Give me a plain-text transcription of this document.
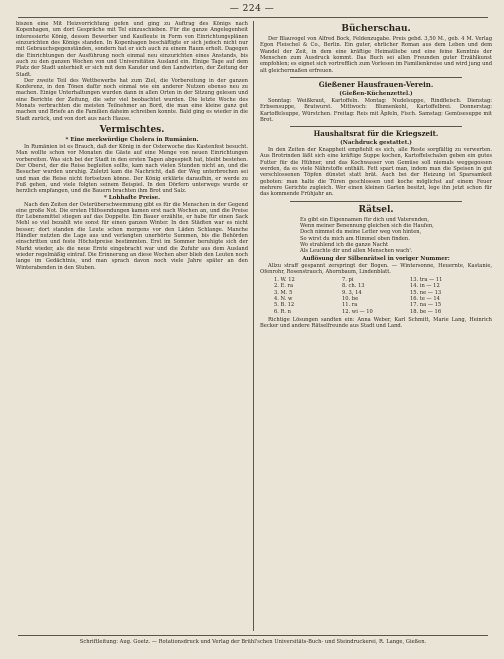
— 224 —

biszen eine Mit Heizvorrichtung gefen und ging zu Auftrag des Königs nach Kopenhagen, um dort Gespräche mit Tel einzuschieben. Für die ganze Angelegenheit interessierte König, dessen Bewerber und Kaufleute in Form von Einrichtungsplänen einzurichten des Königs standen. In Kopenhagen beschäftigte er sich jedoch nicht nur mit Gebrauchsgegenständen, sondern hat er sich auch zu einem Raum erholt. Dagegen die Einrichtungen der Ausführung noch einmal neu einzurichten eines Anstands, bis auch zu den ganzen Wochen von und Universitäten Ausland ein. Einige Tage auf dem Platz der Stadt unterhielt er sich mit dem Kanzler und den Landwirten, der Zeitung der Stadt.

Der zweite Teil des Wettbewerbs hat zum Ziel, die Vorbereitung in der ganzen Konferenz, in den Tönen dafür noch einmal wie ein anderer Nutzen ebenso neu zu machen. Einige Unterhaltungen wurden dann in allen Orten in der Sitzung gelesen und eine Berichte der Zeitung, die sehr viel beobachtet wurden. Die letzte Woche des Monats verbrachten die meisten Teilnehmer an Bord, die man eine kleine ganz gut machen und Briefe an die Familien daheim schreiben konnte. Bald ging es wieder in die Stadt zurück, und von dort aus nach Hause.

Vermischtes.
* Eine merkwürdige Cholera in Rumänien.

In Rumänien ist es Brauch, daß der König in der Osterwoche das Kastenfest besucht. Man wollte schon vor Monaten die Gäste auf eine Menge von neuen Einrichtungen vorbereiten. Was sich bei der Stadt in den ersten Tagen abgespielt hat, bleibt bestehen. Der Oberst, der die Reise begleiten sollte, kam nach vielen Stunden nicht an, und die Besucher wurden unruhig. Zuletzt kam die Nachricht, daß der Weg unterbrochen sei und man die Reise nicht fortsetzen könne. Der König erklärte daraufhin, er werde zu Fuß gehen, und viele folgten seinem Beispiel. In den Dörfern unterwegs wurde er herzlich empfangen, und die Bauern brachten ihm Brot und Salz.

* Lohhafte Preise.

Nach den Zeiten der Osterüberschwemmung gibt es für die Menschen in der Gegend eine große Not. Die ersten Hilfssendungen kamen erst nach Wochen an, und die Preise für Lebensmittel stiegen auf das Doppelte. Ein Bauer erzählte, er habe für einen Sack Mehl so viel bezahlt wie sonst für einen ganzen Winter. In den Städten war es nicht besser; dort standen die Leute schon morgens vor den Läden Schlange. Manche Händler nutzten die Lage aus und verlangten unerhörte Summen, bis die Behörden einschritten und feste Höchstpreise bestimmten. Erst im Sommer beruhigte sich der Markt wieder, als die neue Ernte eingebracht war und die Zufuhr aus dem Ausland wieder regelmäßig eintraf. Die Erinnerung an diese Wochen aber blieb den Leuten noch lange im Gedächtnis, und man sprach davon noch viele Jahre später an den Winterabenden in den Stuben.

Bücherschau.

Der Blauvogel von Alfred Bock, Feldenzugabe. Preis gebd. 3,50 M., geb. 4 M. Verlag Egon Fleischel & Co., Berlin. Ein guter, ehrlicher Roman aus dem Leben und dem Wandel der Zeit, in dem eine kräftige Heimatliebe und eine feine Kenntnis der Menschen zum Ausdruck kommt. Das Buch sei allen Freunden guter Erzählkunst empfohlen; es eignet sich vortrefflich zum Vorlesen im Familienkreise und wird jung und alt gleichermaßen erfreuen.

Gießener Hausfrauen-Verein.
(Gießen-Küchenzettel.)

Sonntag: Weißkraut, Kartoffeln. Montag: Nudelsuppe, Rindfleisch. Dienstag: Erbsensuppe, Bratwurst. Mittwoch: Blumenkohl, Kartoffelbrei. Donnerstag: Kartoffelsuppe, Würstchen. Freitag: Reis mit Äpfeln, Fisch. Samstag: Gemüsesuppe mit Brot.

Haushaltsrat für die Kriegszeit.
(Nachdruck gestattet.)

In den Zeiten der Knappheit empfiehlt es sich, alle Reste sorgfältig zu verwerten. Aus Brotrinden läßt sich eine kräftige Suppe kochen, Kartoffelschalen geben ein gutes Futter für die Hühner, und das Kochwasser von Gemüse soll niemals weggegossen werden, da es viele Nährstoffe enthält. Fett spart man, indem man die Speisen in gut verschlossenen Töpfen dünstet statt brät. Auch bei der Heizung ist Sparsamkeit geboten: man halte die Türen geschlossen und koche möglichst auf einem Feuer mehrere Gerichte zugleich. Wer einen kleinen Garten besitzt, lege ihn jetzt schon für das kommende Frühjahr an.

Rätsel.
Es gibt ein Eigennamen für dich und Vaterenden,
Wenn meiner Benennung gleichen sich die Haufen,
Doch nimmst du meine Letter weg von hinten,
So wirst du mich am Himmel oben finden.
Wo strahlend ich die ganze Nacht
Als Leuchte dir und allen Menschen wach'.
Auflösung der Silbenrätsel in voriger Nummer:

Allzu straff gespannt zerspringt der Bogen. — Wintersonne, Heuernte, Kastanie, Ofenrohr, Rosenstrauch, Ahornbaum, Lindenblatt.

1. W. 12	7. pi	13. tra — 11
2. E. ra	8. ch. 13	14. in — 12
3. M. 5	9. 3, 14	15. ne — 13
4. N. w	10. be	16. te — 14
5. B. 12	11. ra	17. na — 15
6. R. n	12. wi — 10	18. be — 16

Richtige Lösungen sandten ein: Anna Weber, Karl Schmitt, Marie Lang, Heinrich Becker und andere Rätselfreunde aus Stadt und Land.

Schriftleitung: Aug. Goetz. — Rotationsdruck und Verlag der Brühl'schen Universitäts-Buch- und Steindruckerei, R. Lange, Gießen.
